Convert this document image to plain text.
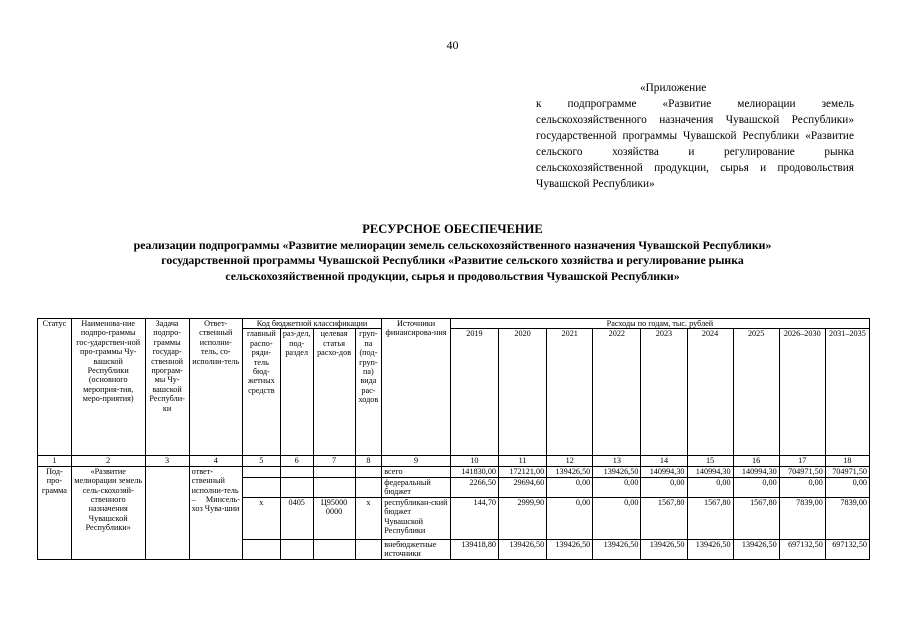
40
«Приложение
к подпрограмме «Развитие мелиорации земель сельскохозяйственного назначения Чувашской Республики» государственной программы Чувашской Республики «Развитие сельского хозяйства и регулирование рынка сельскохозяйственной продукции, сырья и продовольствия Чувашской Республики»
РЕСУРСНОЕ ОБЕСПЕЧЕНИЕ
реализации подпрограммы «Развитие мелиорации земель сельскохозяйственного назначения Чувашской Республики»
государственной программы Чувашской Республики «Развитие сельского хозяйства и регулирование рынка
сельскохозяйственной продукции, сырья и продовольствия Чувашской Республики»
Статус	Наименова-ние подпро-граммы гос-ударствен-ной про-граммы Чу-вашской Республики (основного мероприя-тия, меро-приятия)	Задача подпро-граммы государ-ственной програм-мы Чу-вашской Республи-ки	Ответ-ственный исполни-тель, со-исполни-тель	Код бюджетной классификации				Источники финансирова-ния	Расходы по годам, тыс. рублей								
				главный распо-ряди-тель бюд-жетных средств	раз-дел, под-раздел	целевая статья расхо-дов	груп-па (под-груп-па) вида рас-ходов		2019	2020	2021	2022	2023	2024	2025	2026–2030	2031–2035
1	2	3	4	5	6	7	8	9	10	11	12	13	14	15	16	17	18
Под-про-грамма	«Развитие мелиорации земель сель-скохозяй-ственного назначения Чувашской Республики»		ответ-ственный исполни-тель – Минсель-хоз Чува-шии					всего	141830,00	172121,00	139426,50	139426,50	140994,30	140994,30	140994,30	704971,50	704971,50
								федеральный бюджет	2266,50	29694,60	0,00	0,00	0,00	0,00	0,00	0,00	0,00
				x	0405	Ц95000 0000	x	республикан-ский бюджет Чувашской Республики	144,70	2999,90	0,00	0,00	1567,80	1567,80	1567,80	7839,00	7839,00
								внебюджетные источники	139418,80	139426,50	139426,50	139426,50	139426,50	139426,50	139426,50	697132,50	697132,50
